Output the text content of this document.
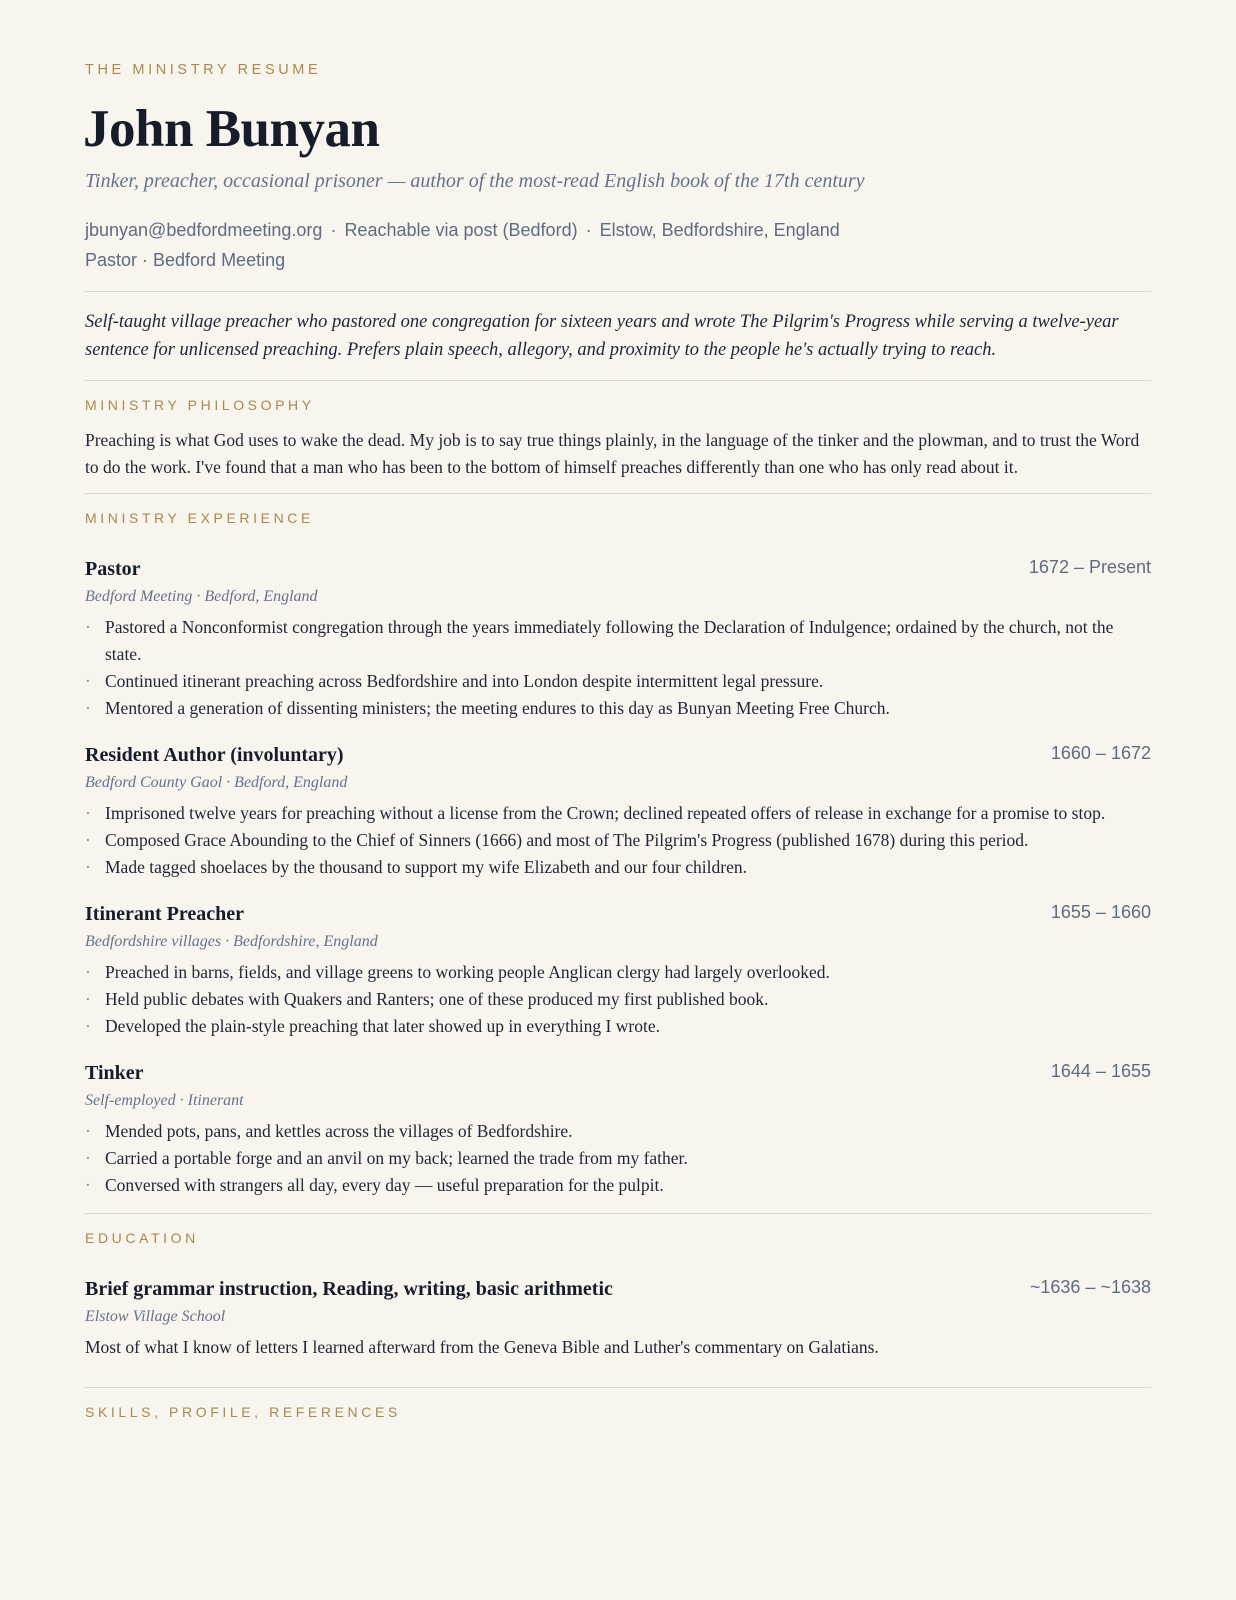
THE MINISTRY RESUME
John Bunyan
Tinker, preacher, occasional prisoner — author of the most-read English book of the 17th century
jbunyan@bedfordmeeting.org · Reachable via post (Bedford) · Elstow, Bedfordshire, England
Pastor · Bedford Meeting
Self-taught village preacher who pastored one congregation for sixteen years and wrote The Pilgrim's Progress while serving a twelve-year sentence for unlicensed preaching. Prefers plain speech, allegory, and proximity to the people he's actually trying to reach.
MINISTRY PHILOSOPHY
Preaching is what God uses to wake the dead. My job is to say true things plainly, in the language of the tinker and the plowman, and to trust the Word to do the work. I've found that a man who has been to the bottom of himself preaches differently than one who has only read about it.
MINISTRY EXPERIENCE
Pastor	1672 – Present
Bedford Meeting · Bedford, England
· Pastored a Nonconformist congregation through the years immediately following the Declaration of Indulgence; ordained by the church, not the state.
· Continued itinerant preaching across Bedfordshire and into London despite intermittent legal pressure.
· Mentored a generation of dissenting ministers; the meeting endures to this day as Bunyan Meeting Free Church.
Resident Author (involuntary)	1660 – 1672
Bedford County Gaol · Bedford, England
· Imprisoned twelve years for preaching without a license from the Crown; declined repeated offers of release in exchange for a promise to stop.
· Composed Grace Abounding to the Chief of Sinners (1666) and most of The Pilgrim's Progress (published 1678) during this period.
· Made tagged shoelaces by the thousand to support my wife Elizabeth and our four children.
Itinerant Preacher	1655 – 1660
Bedfordshire villages · Bedfordshire, England
· Preached in barns, fields, and village greens to working people Anglican clergy had largely overlooked.
· Held public debates with Quakers and Ranters; one of these produced my first published book.
· Developed the plain-style preaching that later showed up in everything I wrote.
Tinker	1644 – 1655
Self-employed · Itinerant
· Mended pots, pans, and kettles across the villages of Bedfordshire.
· Carried a portable forge and an anvil on my back; learned the trade from my father.
· Conversed with strangers all day, every day — useful preparation for the pulpit.
EDUCATION
Brief grammar instruction, Reading, writing, basic arithmetic	~1636 – ~1638
Elstow Village School
Most of what I know of letters I learned afterward from the Geneva Bible and Luther's commentary on Galatians.
SKILLS, PROFILE, REFERENCES
